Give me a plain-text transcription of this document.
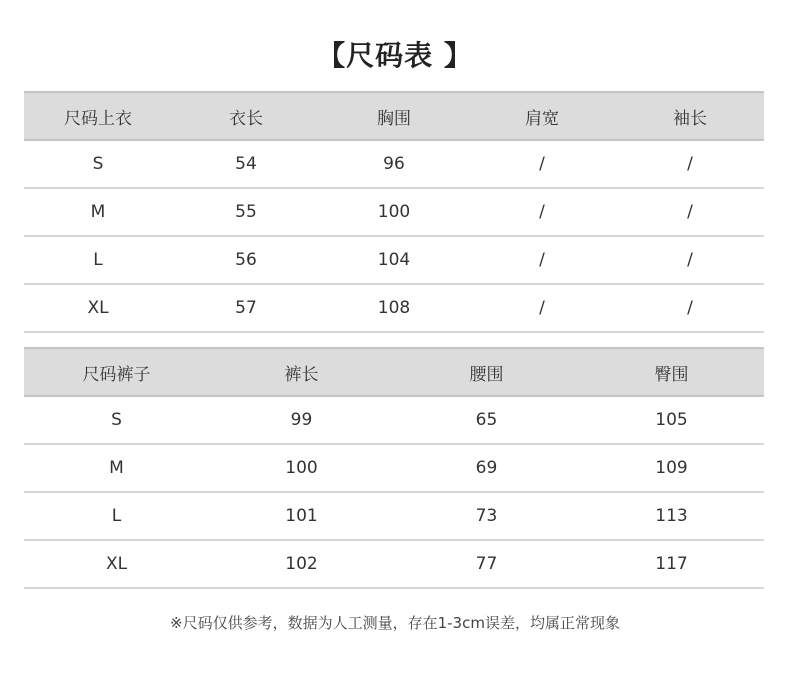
【尺码表 】
尺码上衣	衣长	胸围	肩宽	袖长
S	54	96	/	/
M	55	100	/	/
L	56	104	/	/
XL	57	108	/	/
尺码裤子	裤长	腰围	臀围
S	99	65	105
M	100	69	109
L	101	73	113
XL	102	77	117
※尺码仅供参考，数据为人工测量，存在1-3cm误差，均属正常现象
